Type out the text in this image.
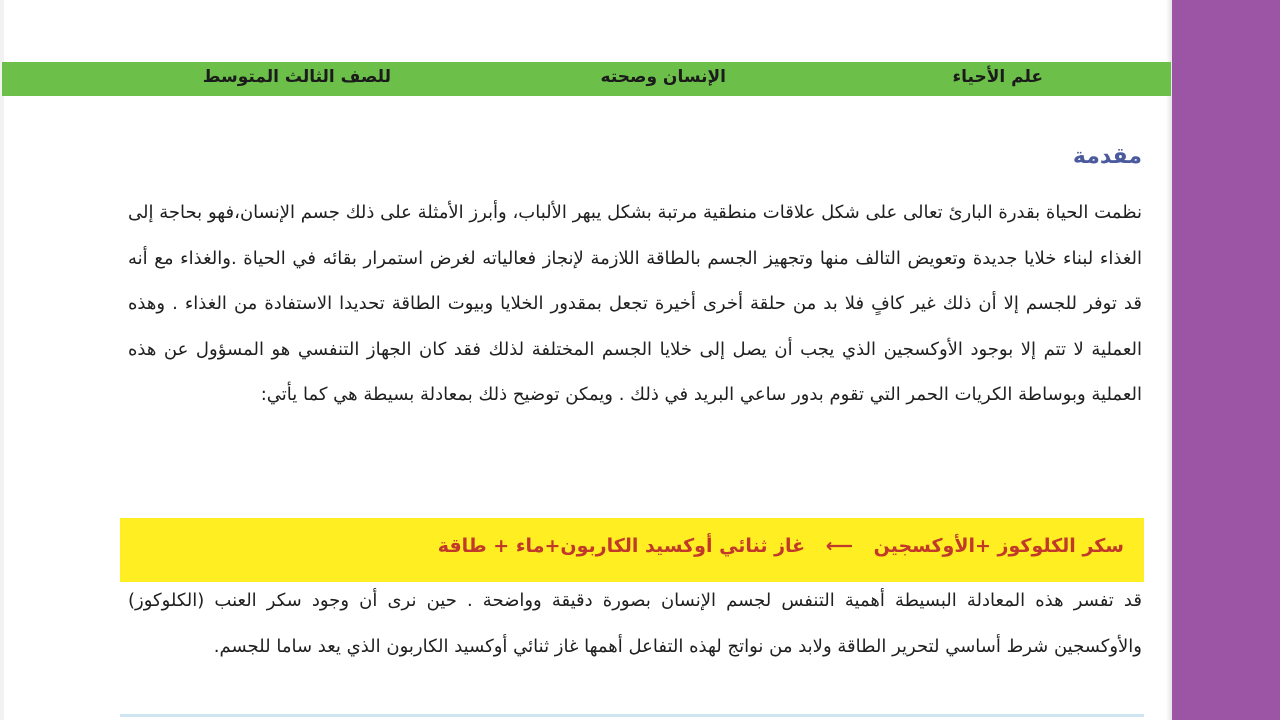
علم الأحياء
الإنسان وصحته
للصف الثالث المتوسط
مقدمة
نظمت الحياة بقدرة البارئ تعالى على شكل علاقات منطقية مرتبة بشكل يبهر الألباب، وأبرز الأمثلة على ذلك جسم الإنسان،فهو بحاجة إلى الغذاء لبناء خلايا جديدة وتعويض التالف منها وتجهيز الجسم بالطاقة اللازمة لإنجاز فعالياته لغرض استمرار بقائه في الحياة .والغذاء مع أنه قد توفر للجسم إلا أن ذلك غير كافٍ فلا بد من حلقة أخرى أخيرة تجعل بمقدور الخلايا وبيوت الطاقة تحديدا الاستفادة من الغذاء . وهذه العملية لا تتم إلا بوجود الأوكسجين الذي يجب أن يصل إلى خلايا الجسم المختلفة لذلك فقد كان الجهاز التنفسي هو المسؤول عن هذه العملية وبوساطة الكريات الحمر التي تقوم بدور ساعي البريد في ذلك . ويمكن توضيح ذلك بمعادلة بسيطة هي كما يأتي:
سكر الكلوكوز +الأوكسجين ⟵ غاز ثنائي أوكسيد الكاربون+ماء + طاقة
قد تفسر هذه المعادلة البسيطة أهمية التنفس لجسم الإنسان بصورة دقيقة وواضحة . حين نرى أن وجود سكر العنب (الكلوكوز) والأوكسجين شرط أساسي لتحرير الطاقة ولابد من نواتج لهذه التفاعل أهمها غاز ثنائي أوكسيد الكاربون الذي يعد ساما للجسم.
